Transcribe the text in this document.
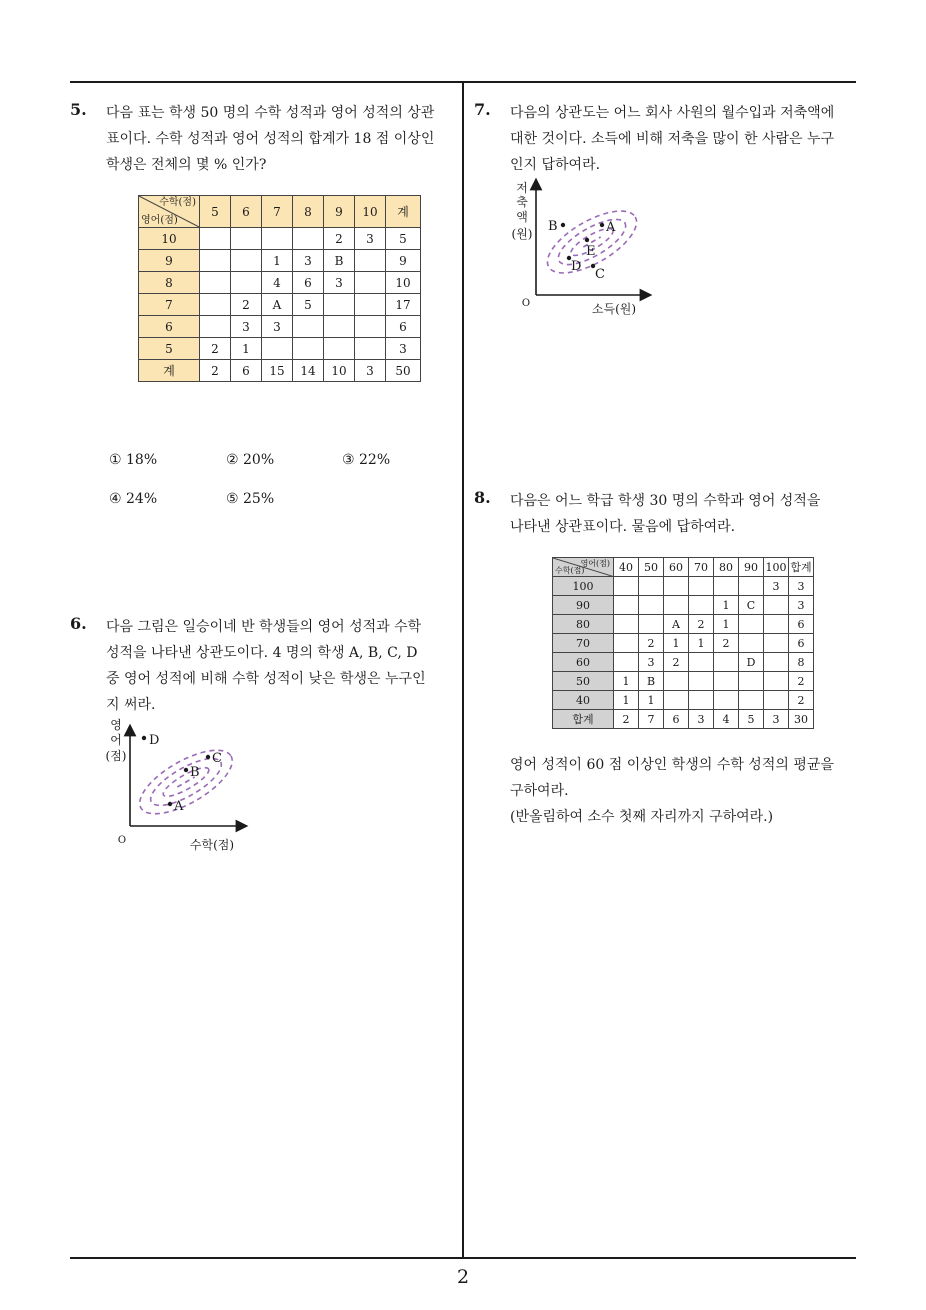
5. 다음 표는 학생 50 명의 수학 성적과 영어 성적의 상관
표이다. 수학 성적과 영어 성적의 합계가 18 점 이상인
학생은 전체의 몇 % 인가?
수학(점)
영어(점)	5	6	7	8	9	10	계
10					2	3	5
9			1	3	B		9
8			4	6	3		10
7		2	A	5			17
6		3	3				6
5	2	1					3
계	2	6	15	14	10	3	50
① 18%	② 20%	③ 22%
④ 24%	⑤ 25%
6. 다음 그림은 일승이네 반 학생들의 영어 성적과 수학
성적을 나타낸 상관도이다. 4 명의 학생 A, B, C, D
중 영어 성적에 비해 수학 성적이 낮은 학생은 누구인
지 써라.
영
어
(점)
O	수학(점)
D
C
B
A
7. 다음의 상관도는 어느 회사 사원의 월수입과 저축액에
대한 것이다. 소득에 비해 저축을 많이 한 사람은 누구
인지 답하여라.
저
축
액
(원)
O	소득(원)
B	A
E
D
C
8. 다음은 어느 학급 학생 30 명의 수학과 영어 성적을
나타낸 상관표이다. 물음에 답하여라.
영어(점)
수학(점)	40	50	60	70	80	90	100	합계
100							3	3
90					1	C		3
80			A	2	1			6
70		2	1	1	2			6
60		3	2			D		8
50	1	B						2
40	1	1						2
합계	2	7	6	3	4	5	3	30
영어 성적이 60 점 이상인 학생의 수학 성적의 평균을
구하여라.
(반올림하여 소수 첫째 자리까지 구하여라.)
2
